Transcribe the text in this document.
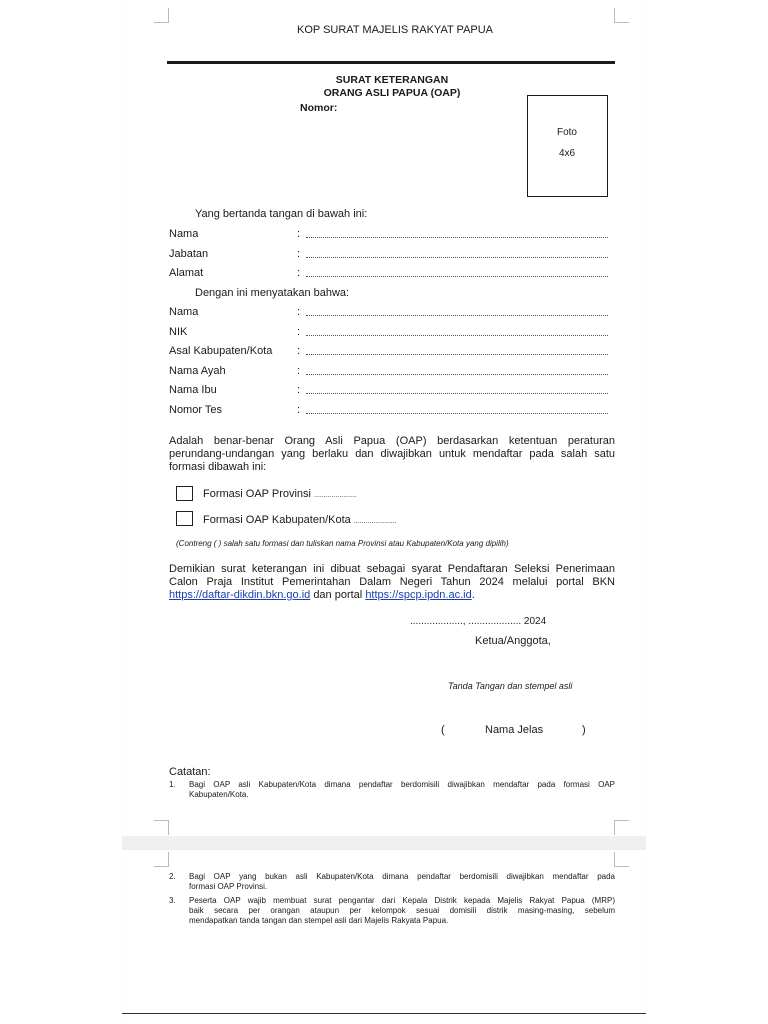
KOP SURAT MAJELIS RAKYAT PAPUA
SURAT KETERANGAN
ORANG ASLI PAPUA (OAP)
Nomor:
Foto
4x6
Yang bertanda tangan di bawah ini:
Nama	:
Jabatan	:
Alamat	:
Dengan ini menyatakan bahwa:
Nama	:
NIK	:
Asal Kabupaten/Kota :
Nama Ayah	:
Nama Ibu	:
Nomor Tes	:
Adalah benar-benar Orang Asli Papua (OAP) berdasarkan ketentuan peraturan
perundang-undangan yang berlaku dan diwajibkan untuk mendaftar pada salah satu
formasi dibawah ini:
Formasi OAP Provinsi ......................
Formasi OAP Kabupaten/Kota ......................
(Contreng ( ) salah satu formasi dan tuliskan nama Provinsi atau Kabupaten/Kota yang dipilih)
Demikian surat keterangan ini dibuat sebagai syarat Pendaftaran Seleksi Penerimaan
Calon Praja Institut Pemerintahan Dalam Negeri Tahun 2024 melalui portal BKN
https://daftar-dikdin.bkn.go.id dan portal https://spcp.ipdn.ac.id.
..................., ................... 2024
Ketua/Anggota,
Tanda Tangan dan stempel asli
(	Nama Jelas	)
Catatan:
1. Bagi OAP asli Kabupaten/Kota dimana pendaftar berdomisili diwajibkan mendaftar pada formasi OAP
Kabupaten/Kota.
2. Bagi OAP yang bukan asli Kabupaten/Kota dimana pendaftar berdomisili diwajibkan mendaftar pada
formasi OAP Provinsi.
3. Peserta OAP wajib membuat surat pengantar dari Kepala Distrik kepada Majelis Rakyat Papua (MRP)
baik secara per orangan ataupun per kelompok sesuai domisili distrik masing-masing, sebelum
mendapatkan tanda tangan dan stempel asli dari Majelis Rakyata Papua.
